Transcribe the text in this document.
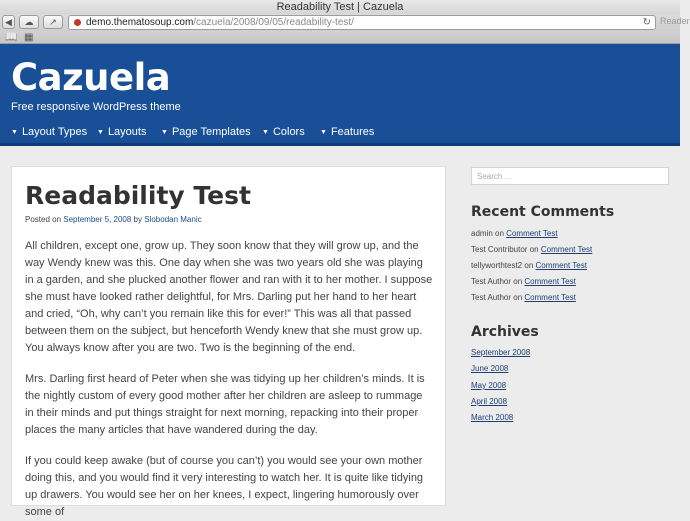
Readability Test | Cazuela
◀	☁	↗	demo.thematosoup.com/cazuela/2008/09/05/readability-test/	↻ Reader
📖 ▦
Cazuela
Free responsive WordPress theme
▼ Layout Types ▼ Layouts ▼ Page Templates ▼ Colors ▼ Features
Readability Test
Posted on September 5, 2008 by Slobodan Manic

All children, except one, grow up. They soon know that they will grow up, and the way Wendy knew was this. One day when she was two years old she was playing in a garden, and she plucked another flower and ran with it to her mother. I suppose she must have looked rather delightful, for Mrs. Darling put her hand to her heart and cried, “Oh, why can’t you remain like this for ever!” This was all that passed between them on the subject, but henceforth Wendy knew that she must grow up. You always know after you are two. Two is the beginning of the end.

Mrs. Darling first heard of Peter when she was tidying up her children’s minds. It is the nightly custom of every good mother after her children are asleep to rummage in their minds and put things straight for next morning, repacking into their proper places the many articles that have wandered during the day.

If you could keep awake (but of course you can’t) you would see your own mother doing this, and you would find it very interesting to watch her. It is quite like tidying up drawers. You would see her on her knees, I expect, lingering humorously over some of

Search ...
Recent Comments
admin on Comment Test
Test Contributor on Comment Test
tellyworthtest2 on Comment Test
Test Author on Comment Test
Test Author on Comment Test
Archives
September 2008
June 2008
May 2008
April 2008
March 2008
